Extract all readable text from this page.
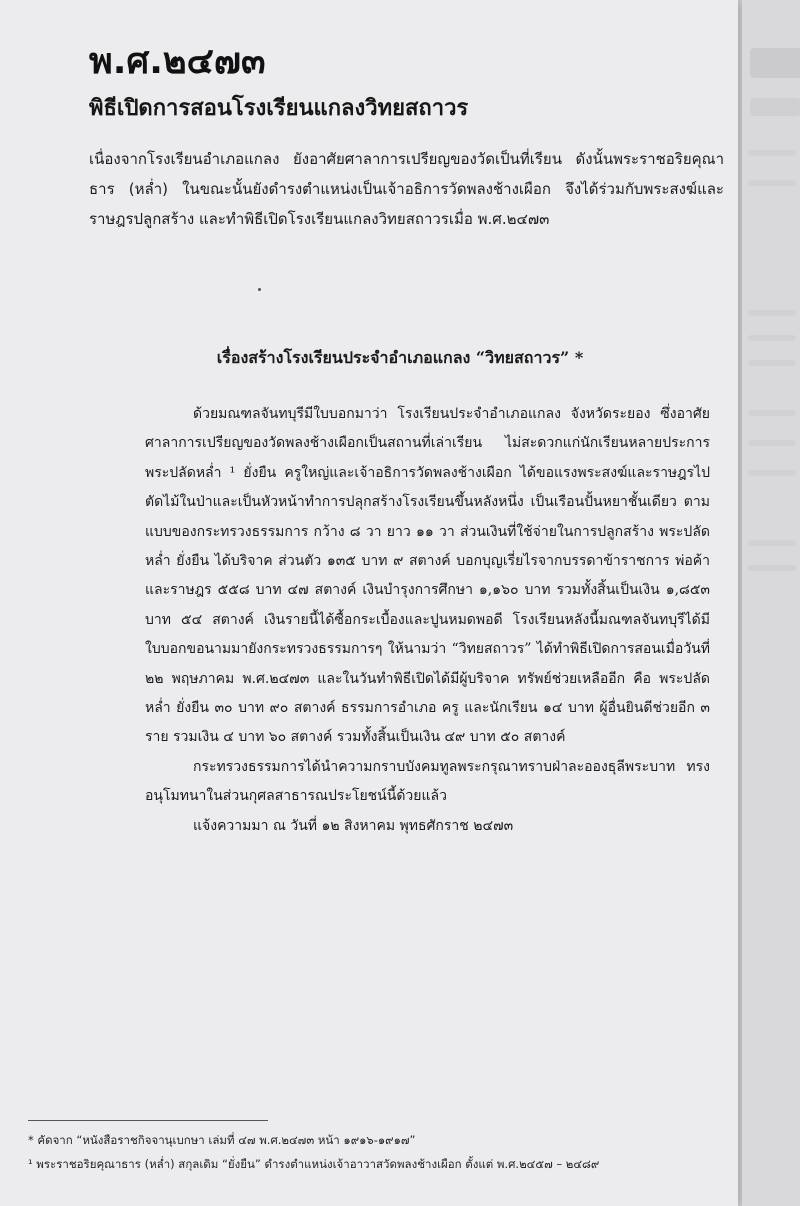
พ.ศ.๒๔๗๓
พิธีเปิดการสอนโรงเรียนแกลงวิทยสถาวร

เนื่องจากโรงเรียนอำเภอแกลง ยังอาศัยศาลาการเปรียญของวัดเป็นที่เรียน ดังนั้นพระราชอริยคุณาธาร (หล่ำ) ในขณะนั้นยังดำรงตำแหน่งเป็นเจ้าอธิการวัดพลงช้างเผือก จึงได้ร่วมกับพระสงฆ์และราษฎรปลูกสร้าง และทำพิธีเปิดโรงเรียนแกลงวิทยสถาวรเมื่อ พ.ศ.๒๔๗๓

เรื่องสร้างโรงเรียนประจำอำเภอแกลง “วิทยสถาวร” *

ด้วยมณฑลจันทบุรีมีใบบอกมาว่า โรงเรียนประจำอำเภอแกลง จังหวัดระยอง ซึ่งอาศัยศาลาการเปรียญของวัดพลงช้างเผือกเป็นสถานที่เล่าเรียน ไม่สะดวกแก่นักเรียนหลายประการ พระปลัดหล่ำ ¹ ยั่งยืน ครูใหญ่และเจ้าอธิการวัดพลงช้างเผือก ได้ขอแรงพระสงฆ์และราษฎรไปตัดไม้ในป่าและเป็นหัวหน้าทำการปลุกสร้างโรงเรียนขึ้นหลังหนึ่ง เป็นเรือนปั้นหยาชั้นเดียว ตามแบบของกระทรวงธรรมการ กว้าง ๘ วา ยาว ๑๑ วา ส่วนเงินที่ใช้จ่ายในการปลูกสร้าง พระปลัดหล่ำ ยั่งยืน ได้บริจาค ส่วนตัว ๑๓๕ บาท ๙ สตางค์ บอกบุญเรี่ยไรจากบรรดาข้าราชการ พ่อค้าและราษฎร ๕๕๘ บาท ๔๗ สตางค์ เงินบำรุงการศึกษา ๑,๑๖๐ บาท รวมทั้งสิ้นเป็นเงิน ๑,๘๕๓ บาท ๕๔ สตางค์ เงินรายนี้ได้ซื้อกระเบื้องและปูนหมดพอดี โรงเรียนหลังนี้มณฑลจันทบุรีได้มีใบบอกขอนามมายังกระทรวงธรรมการๆ ให้นามว่า “วิทยสถาวร” ได้ทำพิธีเปิดการสอนเมื่อวันที่ ๒๒ พฤษภาคม พ.ศ.๒๔๗๓ และในวันทำพิธีเปิดได้มีผู้บริจาค ทรัพย์ช่วยเหลืออีก คือ พระปลัดหล่ำ ยั่งยืน ๓๐ บาท ๙๐ สตางค์ ธรรมการอำเภอ ครู และนักเรียน ๑๔ บาท ผู้อื่นยินดีช่วยอีก ๓ ราย รวมเงิน ๔ บาท ๖๐ สตางค์ รวมทั้งสิ้นเป็นเงิน ๔๙ บาท ๕๐ สตางค์

กระทรวงธรรมการได้นำความกราบบังคมทูลพระกรุณาทราบฝ่าละอองธุลีพระบาท ทรงอนุโมทนาในส่วนกุศลสาธารณประโยชน์นี้ด้วยแล้ว

แจ้งความมา ณ วันที่ ๑๒ สิงหาคม พุทธศักราช ๒๔๗๓

* คัดจาก “หนังสือราชกิจจานุเบกษา เล่มที่ ๔๗ พ.ศ.๒๔๗๓ หน้า ๑๙๑๖-๑๙๑๗”
¹ พระราชอริยคุณาธาร (หล่ำ) สกุลเดิม “ยั่งยืน” ดำรงตำแหน่งเจ้าอาวาสวัดพลงช้างเผือก ตั้งแต่ พ.ศ.๒๔๕๗ – ๒๔๘๙
